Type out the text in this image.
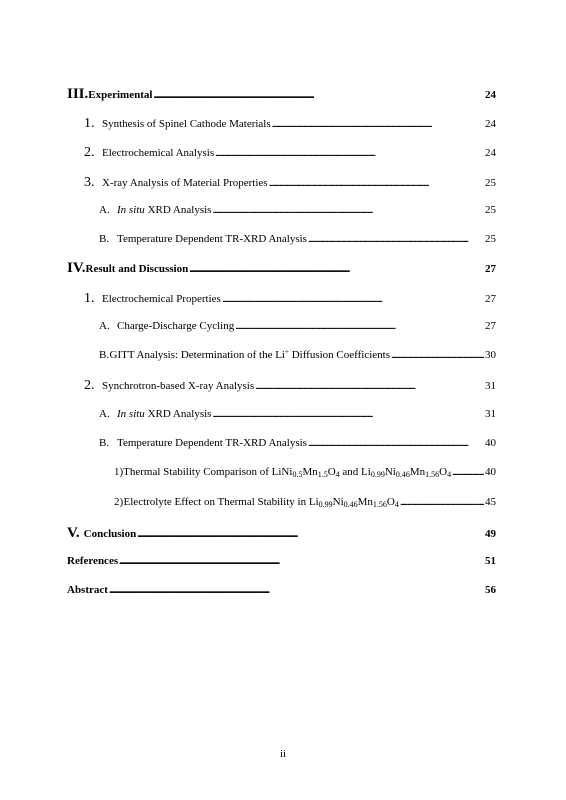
III. Experimental . . .	24
1. Synthesis of Spinel Cathode Materials . . .	24
2. Electrochemical Analysis . . .	24
3. X-ray Analysis of Material Properties . . .	25
A. In situ XRD Analysis . . .	25
B. Temperature Dependent TR-XRD Analysis . . .	25
IV. Result and Discussion . . .	27
1. Electrochemical Properties . . .	27
A. Charge-Discharge Cycling . . .	27
B. GITT Analysis: Determination of the Li+ Diffusion Coefficients . . .	30
2. Synchrotron-based X-ray Analysis . . .	31
A. In situ XRD Analysis . . .	31
B. Temperature Dependent TR-XRD Analysis . . .	40
1) Thermal Stability Comparison of $LiNi_{0.5}Mn_{1.5}O_4$ and $Li_{0.99}Ni_{0.46}Mn_{1.56}O_4$ . . .	40
2) Electrolyte Effect on Thermal Stability in $Li_{0.99}Ni_{0.46}Mn_{1.56}O_4$ . . .	45
V. Conclusion . . .	49
References . . .	51
Abstract . . .	56
ii
